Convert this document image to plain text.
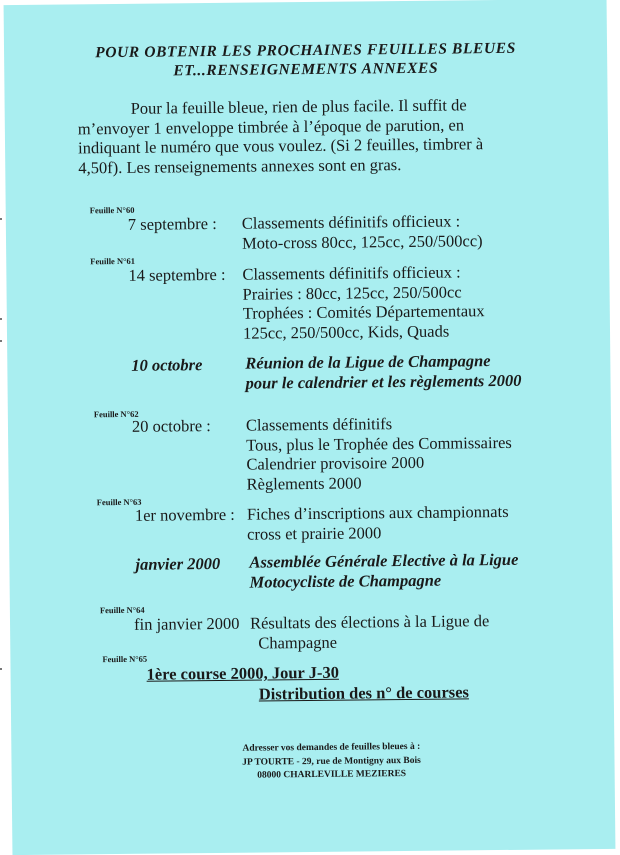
POUR OBTENIR LES PROCHAINES FEUILLES BLEUES
ET...RENSEIGNEMENTS ANNEXES
Pour la feuille bleue, rien de plus facile. Il suffit de
m’envoyer 1 enveloppe timbrée à l’époque de parution, en
indiquant le numéro que vous voulez. (Si 2 feuilles, timbrer à
4,50f). Les renseignements annexes sont en gras.
Feuille N°60
7 septembre : Classements définitifs officieux :
Moto-cross 80cc, 125cc, 250/500cc)
Feuille N°61
14 septembre : Classements définitifs officieux :
Prairies : 80cc, 125cc, 250/500cc
Trophées : Comités Départementaux
125cc, 250/500cc, Kids, Quads
10 octobre	Réunion de la Ligue de Champagne
pour le calendrier et les règlements 2000
Feuille N°62
20 octobre : Classements définitifs
Tous, plus le Trophée des Commissaires
Calendrier provisoire 2000
Règlements 2000
Feuille N°63
1er novembre : Fiches d’inscriptions aux championnats
cross et prairie 2000
janvier 2000 Assemblée Générale Elective à la Ligue
Motocycliste de Champagne
Feuille N°64
fin janvier 2000 Résultats des élections à la Ligue de
Champagne
Feuille N°65
1ère course 2000, Jour J-30
Distribution des n° de courses
Adresser vos demandes de feuilles bleues à :
JP TOURTE - 29, rue de Montigny aux Bois
08000 CHARLEVILLE MEZIERES
